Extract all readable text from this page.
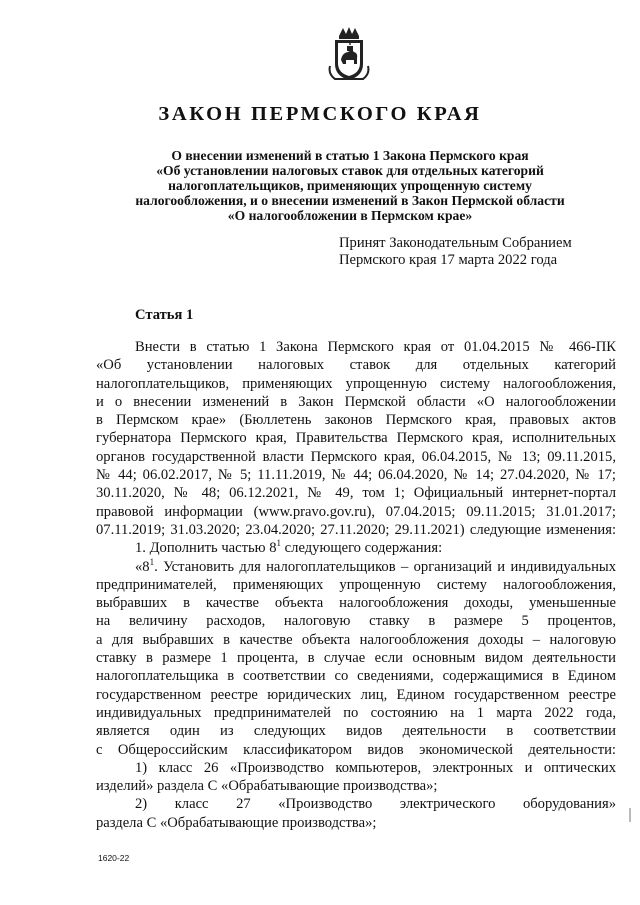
ЗАКОН ПЕРМСКОГО КРАЯ
О внесении изменений в статью 1 Закона Пермского края
«Об установлении налоговых ставок для отдельных категорий
налогоплательщиков, применяющих упрощенную систему
налогообложения, и о внесении изменений в Закон Пермской области
«О налогообложении в Пермском крае»
Принят Законодательным Собранием
Пермского края 17 марта 2022 года
Статья 1

Внести в статью 1 Закона Пермского края от 01.04.2015 № 466-ПК

«Об установлении налоговых ставок для отдельных категорий

налогоплательщиков, применяющих упрощенную систему налогообложения,

и о внесении изменений в Закон Пермской области «О налогообложении

в Пермском крае» (Бюллетень законов Пермского края, правовых актов

губернатора Пермского края, Правительства Пермского края, исполнительных

органов государственной власти Пермского края, 06.04.2015, № 13; 09.11.2015,

№ 44; 06.02.2017, № 5; 11.11.2019, № 44; 06.04.2020, № 14; 27.04.2020, № 17;

30.11.2020, № 48; 06.12.2021, № 49, том 1; Официальный интернет-портал

правовой информации (www.pravo.gov.ru), 07.04.2015; 09.11.2015; 31.01.2017;

07.11.2019; 31.03.2020; 23.04.2020; 27.11.2020; 29.11.2021) следующие изменения:

1. Дополнить частью $8^1$ следующего содержания:

«$8^1$. Установить для налогоплательщиков – организаций и индивидуальных

предпринимателей, применяющих упрощенную систему налогообложения,

выбравших в качестве объекта налогообложения доходы, уменьшенные

на величину расходов, налоговую ставку в размере 5 процентов,

а для выбравших в качестве объекта налогообложения доходы – налоговую

ставку в размере 1 процента, в случае если основным видом деятельности

налогоплательщика в соответствии со сведениями, содержащимися в Едином

государственном реестре юридических лиц, Едином государственном реестре

индивидуальных предпринимателей по состоянию на 1 марта 2022 года,

является один из следующих видов деятельности в соответствии

с Общероссийским классификатором видов экономической деятельности:

1) класс 26 «Производство компьютеров, электронных и оптических

изделий» раздела C «Обрабатывающие производства»;

2) класс 27 «Производство электрического оборудования»

раздела C «Обрабатывающие производства»;

1620-22
